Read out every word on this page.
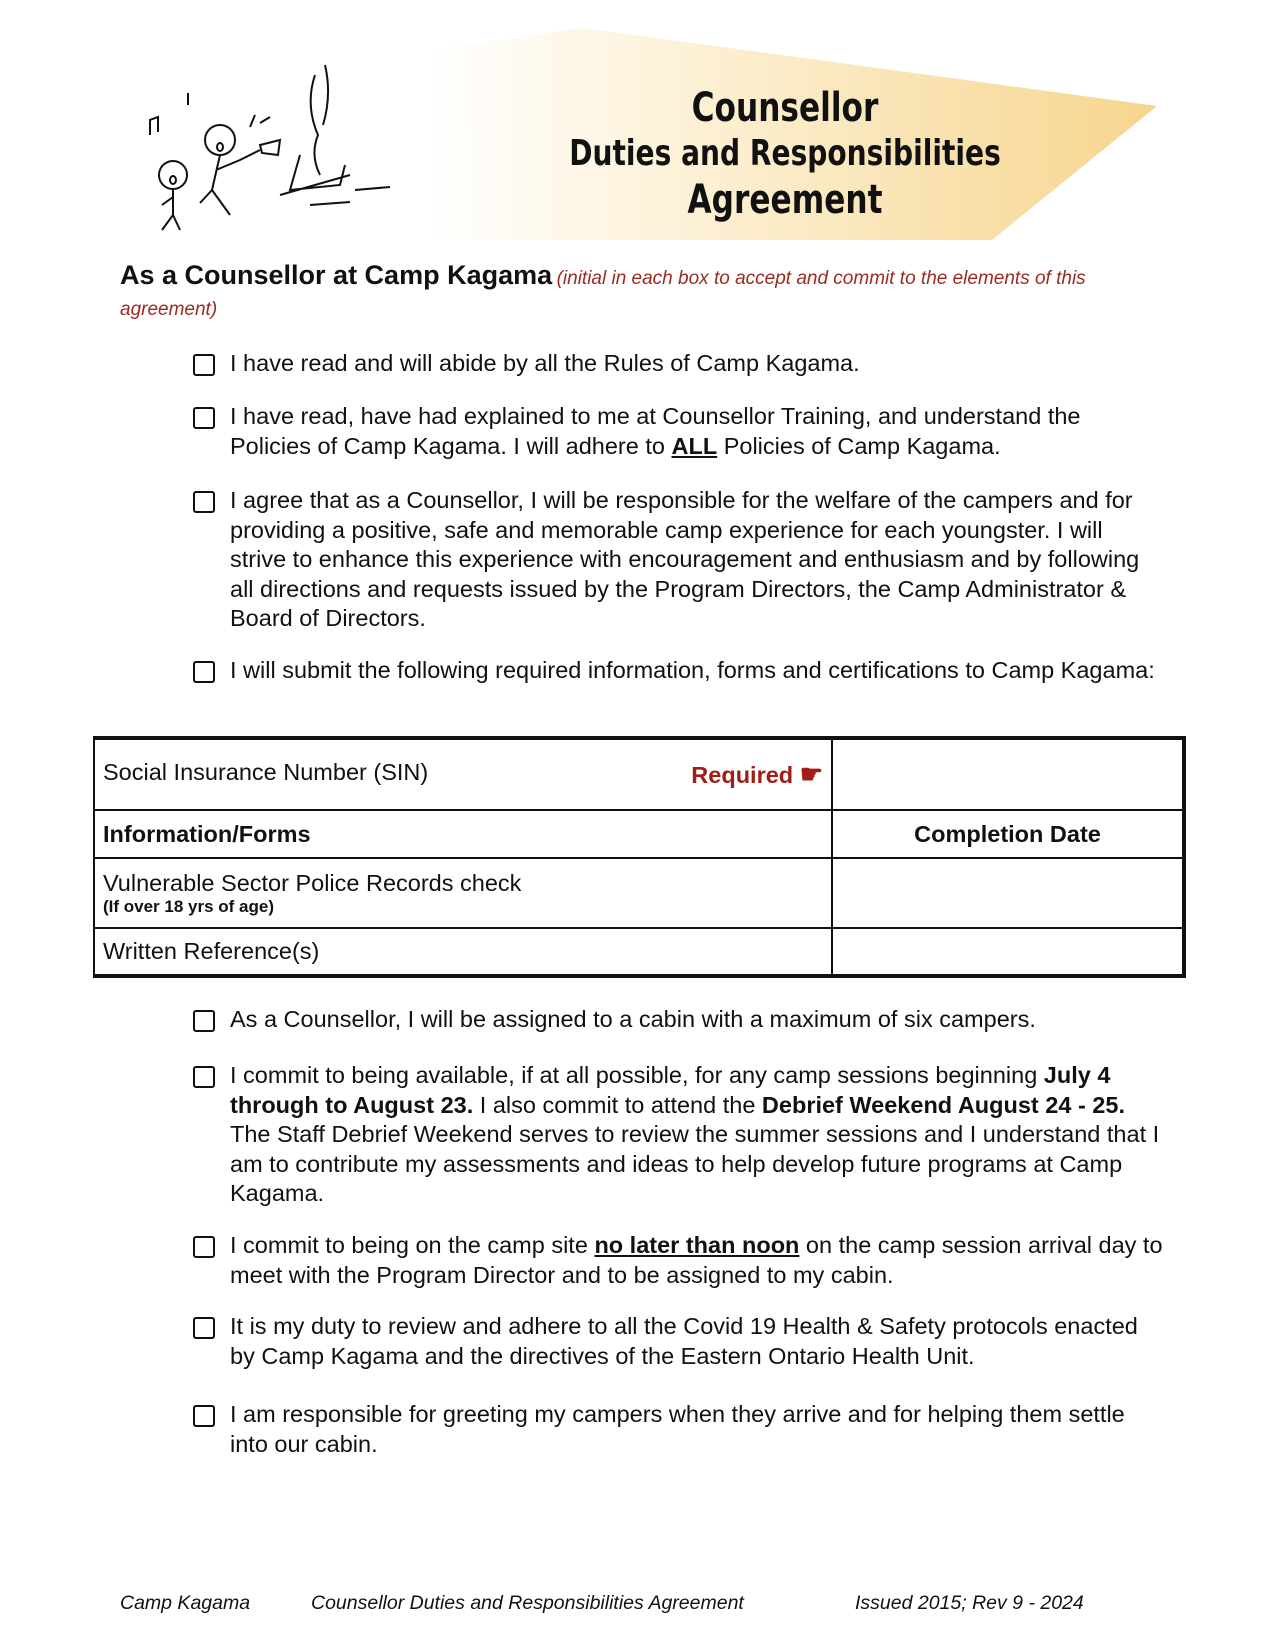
Counsellor
Duties and Responsibilities
Agreement
As a Counsellor at Camp Kagama (initial in each box to accept and commit to the elements of this agreement)
I have read and will abide by all the Rules of Camp Kagama.
I have read, have had explained to me at Counsellor Training, and understand the Policies of Camp Kagama. I will adhere to ALL Policies of Camp Kagama.
I agree that as a Counsellor, I will be responsible for the welfare of the campers and for providing a positive, safe and memorable camp experience for each youngster. I will strive to enhance this experience with encouragement and enthusiasm and by following all directions and requests issued by the Program Directors, the Camp Administrator & Board of Directors.
I will submit the following required information, forms and certifications to Camp Kagama:
Social Insurance Number (SIN) Required ☛	

Information/Forms	Completion Date

Vulnerable Sector Police Records check
(If over 18 yrs of age)	

Written Reference(s)	
As a Counsellor, I will be assigned to a cabin with a maximum of six campers.
I commit to being available, if at all possible, for any camp sessions beginning July 4 through to August 23. I also commit to attend the Debrief Weekend August 24 - 25. The Staff Debrief Weekend serves to review the summer sessions and I understand that I am to contribute my assessments and ideas to help develop future programs at Camp Kagama.
I commit to being on the camp site no later than noon on the camp session arrival day to meet with the Program Director and to be assigned to my cabin.
It is my duty to review and adhere to all the Covid 19 Health & Safety protocols enacted by Camp Kagama and the directives of the Eastern Ontario Health Unit.
I am responsible for greeting my campers when they arrive and for helping them settle into our cabin.
Camp Kagama	Counsellor Duties and Responsibilities Agreement	Issued 2015; Rev 9 - 2024
